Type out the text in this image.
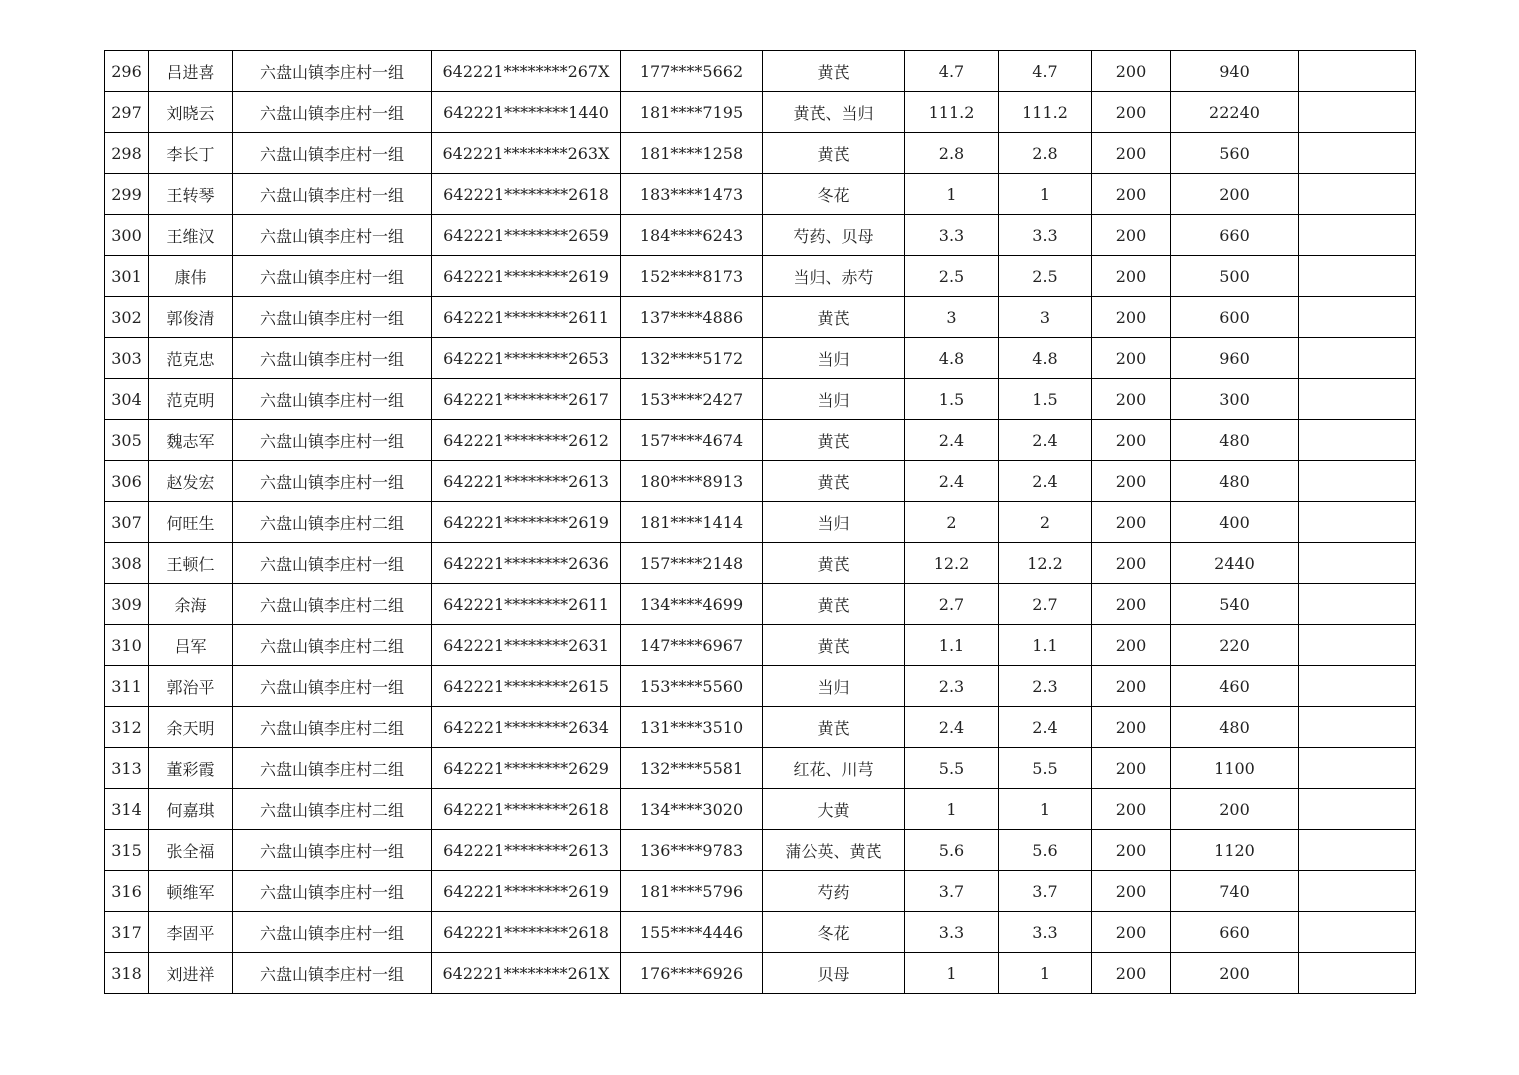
296	吕进喜	六盘山镇李庄村一组	642221********267X	177****5662	黄芪	4.7	4.7	200	940	
297	刘晓云	六盘山镇李庄村一组	642221********1440	181****7195	黄芪、当归	111.2	111.2	200	22240	
298	李长丁	六盘山镇李庄村一组	642221********263X	181****1258	黄芪	2.8	2.8	200	560	
299	王转琴	六盘山镇李庄村一组	642221********2618	183****1473	冬花	1	1	200	200	
300	王维汉	六盘山镇李庄村一组	642221********2659	184****6243	芍药、贝母	3.3	3.3	200	660	
301	康伟	六盘山镇李庄村一组	642221********2619	152****8173	当归、赤芍	2.5	2.5	200	500	
302	郭俊清	六盘山镇李庄村一组	642221********2611	137****4886	黄芪	3	3	200	600	
303	范克忠	六盘山镇李庄村一组	642221********2653	132****5172	当归	4.8	4.8	200	960	
304	范克明	六盘山镇李庄村一组	642221********2617	153****2427	当归	1.5	1.5	200	300	
305	魏志军	六盘山镇李庄村一组	642221********2612	157****4674	黄芪	2.4	2.4	200	480	
306	赵发宏	六盘山镇李庄村一组	642221********2613	180****8913	黄芪	2.4	2.4	200	480	
307	何旺生	六盘山镇李庄村二组	642221********2619	181****1414	当归	2	2	200	400	
308	王顿仁	六盘山镇李庄村一组	642221********2636	157****2148	黄芪	12.2	12.2	200	2440	
309	余海	六盘山镇李庄村二组	642221********2611	134****4699	黄芪	2.7	2.7	200	540	
310	吕军	六盘山镇李庄村二组	642221********2631	147****6967	黄芪	1.1	1.1	200	220	
311	郭治平	六盘山镇李庄村一组	642221********2615	153****5560	当归	2.3	2.3	200	460	
312	余天明	六盘山镇李庄村二组	642221********2634	131****3510	黄芪	2.4	2.4	200	480	
313	董彩霞	六盘山镇李庄村二组	642221********2629	132****5581	红花、川芎	5.5	5.5	200	1100	
314	何嘉琪	六盘山镇李庄村二组	642221********2618	134****3020	大黄	1	1	200	200	
315	张全福	六盘山镇李庄村一组	642221********2613	136****9783	蒲公英、黄芪	5.6	5.6	200	1120	
316	顿维军	六盘山镇李庄村一组	642221********2619	181****5796	芍药	3.7	3.7	200	740	
317	李固平	六盘山镇李庄村一组	642221********2618	155****4446	冬花	3.3	3.3	200	660	
318	刘进祥	六盘山镇李庄村一组	642221********261X	176****6926	贝母	1	1	200	200	
